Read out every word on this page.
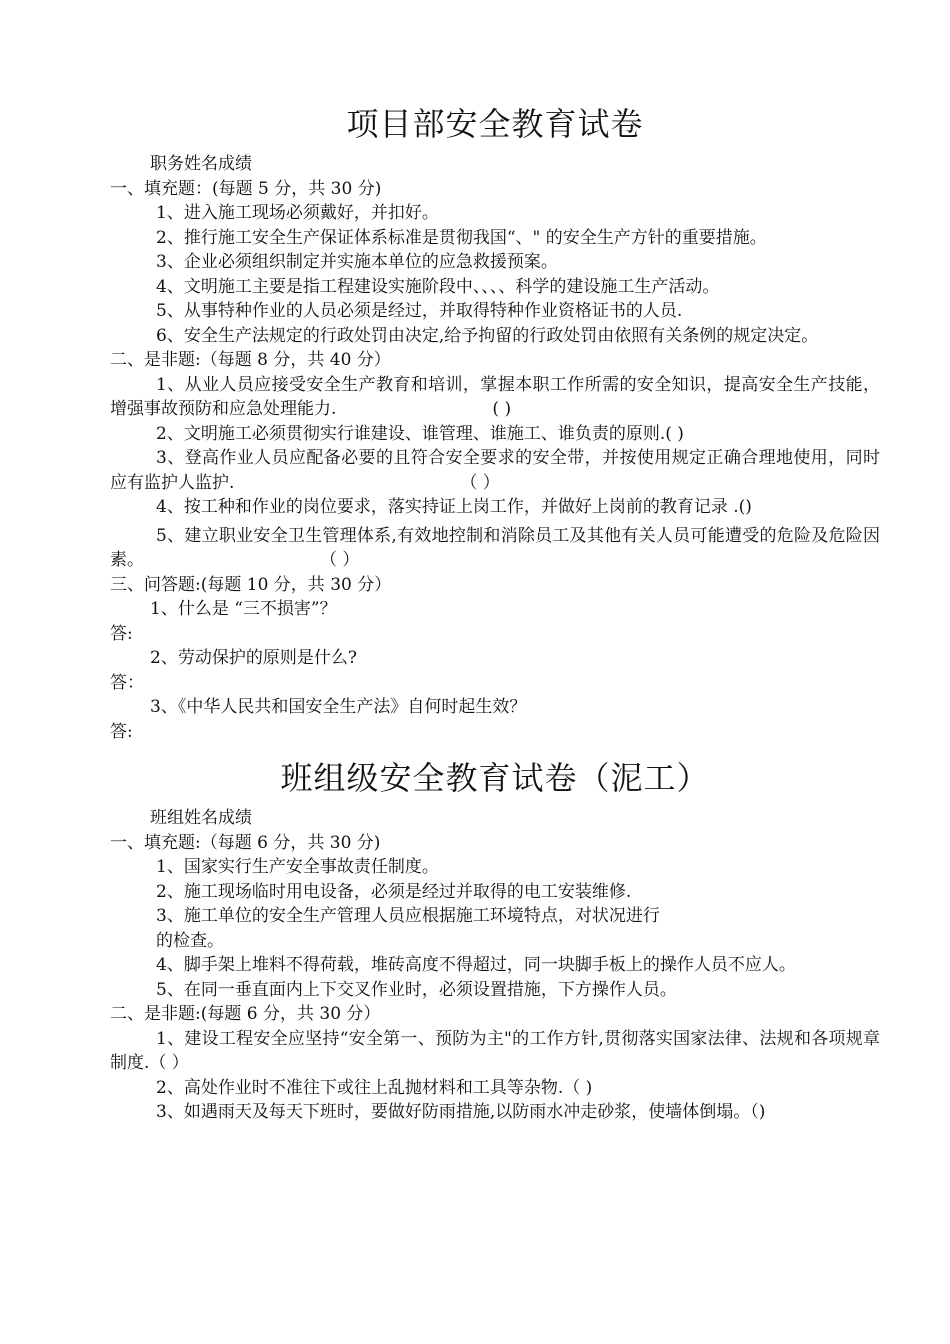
项目部安全教育试卷

职务姓名成绩

一、填充题：(每题 5 分，共 30 分)

1、进入施工现场必须戴好，并扣好。

2、推行施工安全生产保证体系标准是贯彻我国“、" 的安全生产方针的重要措施。

3、企业必须组织制定并实施本单位的应急救援预案。

4、文明施工主要是指工程建设实施阶段中、、、、科学的建设施工生产活动。

5、从事特种作业的人员必须是经过，并取得特种作业资格证书的人员.

6、安全生产法规定的行政处罚由决定,给予拘留的行政处罚由依照有关条例的规定决定。

二、是非题:（每题 8 分，共 40 分）

1、从业人员应接受安全生产教育和培训，掌握本职工作所需的安全知识，提高安全生产技能，增强事故预防和应急处理能力.	( )

2、文明施工必须贯彻实行谁建设、谁管理、谁施工、谁负责的原则.( )

3、登高作业人员应配备必要的且符合安全要求的安全带，并按使用规定正确合理地使用，同时应有监护人监护.	（ ）

4、按工种和作业的岗位要求，落实持证上岗工作，并做好上岗前的教育记录 .()

5、建立职业安全卫生管理体系,有效地控制和消除员工及其他有关人员可能遭受的危险及危险因素。	（ ）

三、问答题:(每题 10 分，共 30 分）

1、什么是 “三不损害”？

答:

2、劳动保护的原则是什么?

答：

3、《中华人民共和国安全生产法》自何时起生效？

答:

班组级安全教育试卷（泥工）

班组姓名成绩

一、填充题:（每题 6 分，共 30 分)

1、国家实行生产安全事故责任制度。

2、施工现场临时用电设备，必须是经过并取得的电工安装维修.

3、施工单位的安全生产管理人员应根据施工环境特点，对状况进行

的检查。

4、脚手架上堆料不得荷载，堆砖高度不得超过，同一块脚手板上的操作人员不应人。

5、在同一垂直面内上下交叉作业时，必须设置措施，下方操作人员。

二、是非题:(每题 6 分，共 30 分）

1、建设工程安全应坚持“安全第一、预防为主"的工作方针,贯彻落实国家法律、法规和各项规章制度.（ ）

2、高处作业时不准往下或往上乱抛材料和工具等杂物.（ )

3、如遇雨天及每天下班时，要做好防雨措施,以防雨水冲走砂浆，使墙体倒塌。（)
